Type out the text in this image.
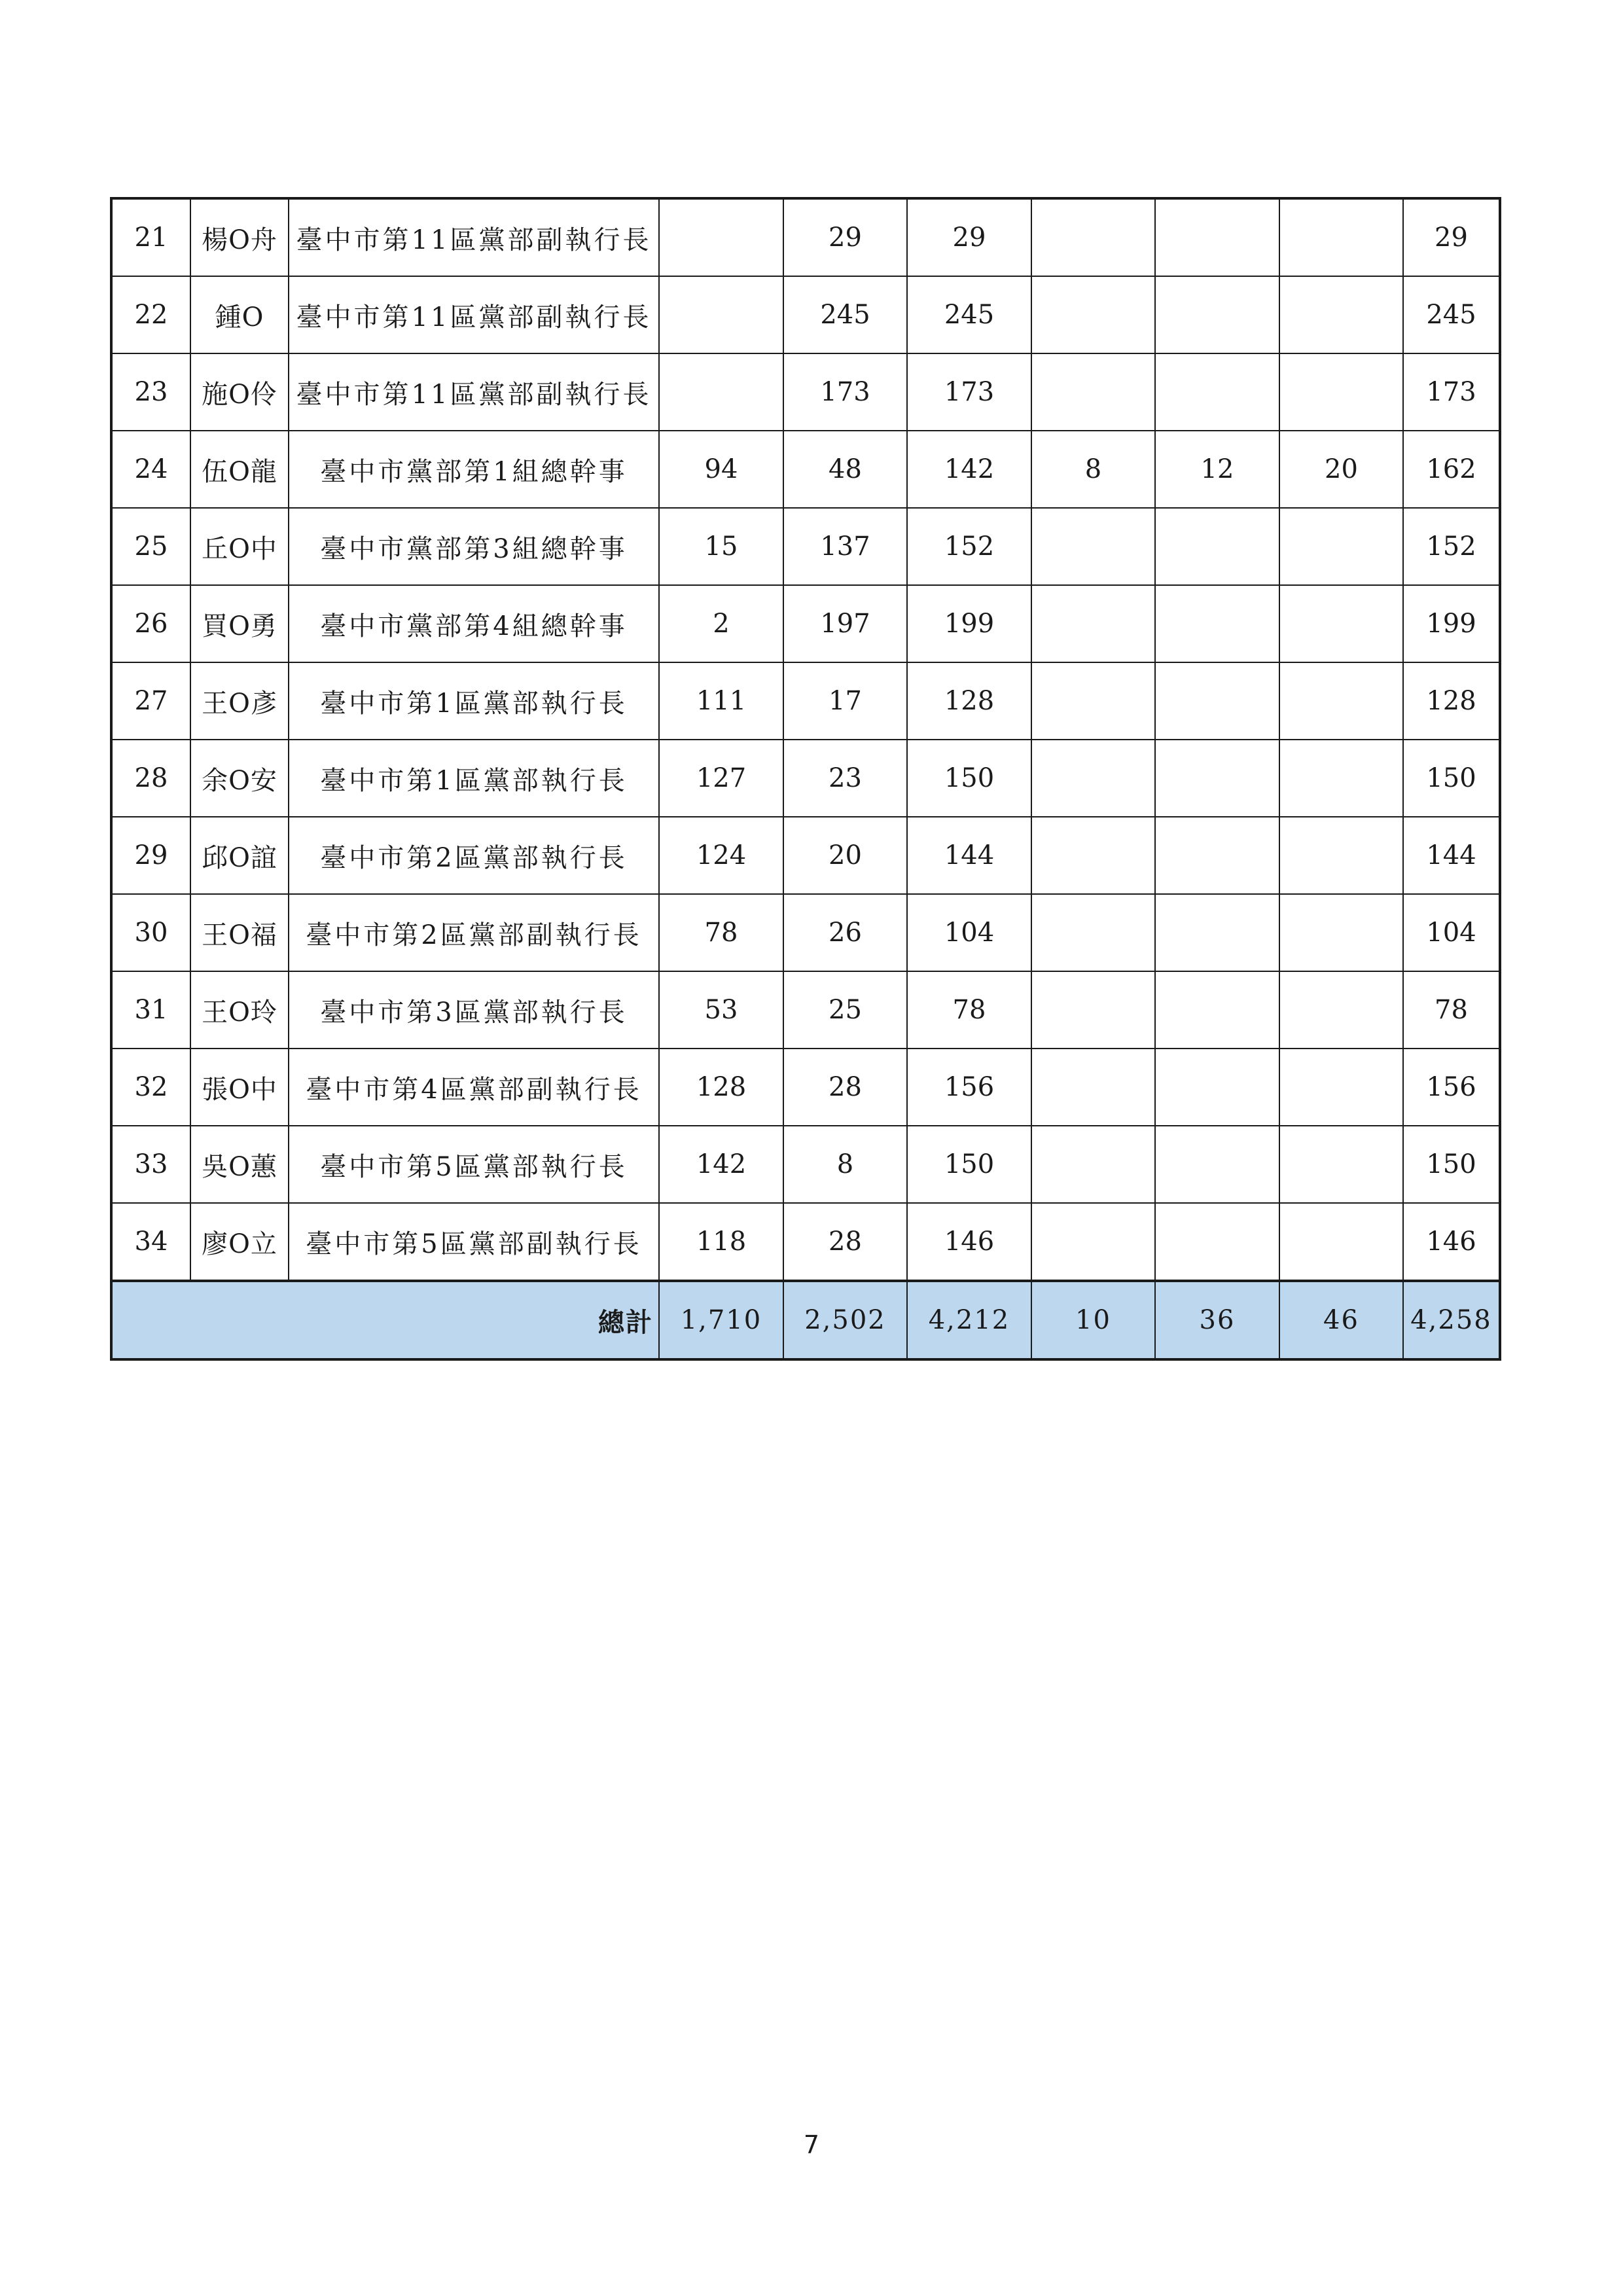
21	楊O舟	臺中市第11區黨部副執行長		29	29				29
22	鍾O	臺中市第11區黨部副執行長		245	245				245
23	施O伶	臺中市第11區黨部副執行長		173	173				173
24	伍O龍	臺中市黨部第1組總幹事	94	48	142	8	12	20	162
25	丘O中	臺中市黨部第3組總幹事	15	137	152				152
26	買O勇	臺中市黨部第4組總幹事	2	197	199				199
27	王O彥	臺中市第1區黨部執行長	111	17	128				128
28	余O安	臺中市第1區黨部執行長	127	23	150				150
29	邱O誼	臺中市第2區黨部執行長	124	20	144				144
30	王O福	臺中市第2區黨部副執行長	78	26	104				104
31	王O玲	臺中市第3區黨部執行長	53	25	78				78
32	張O中	臺中市第4區黨部副執行長	128	28	156				156
33	吳O蕙	臺中市第5區黨部執行長	142	8	150				150
34	廖O立	臺中市第5區黨部副執行長	118	28	146				146
總計			1,710	2,502	4,212	10	36	46	4,258
7
